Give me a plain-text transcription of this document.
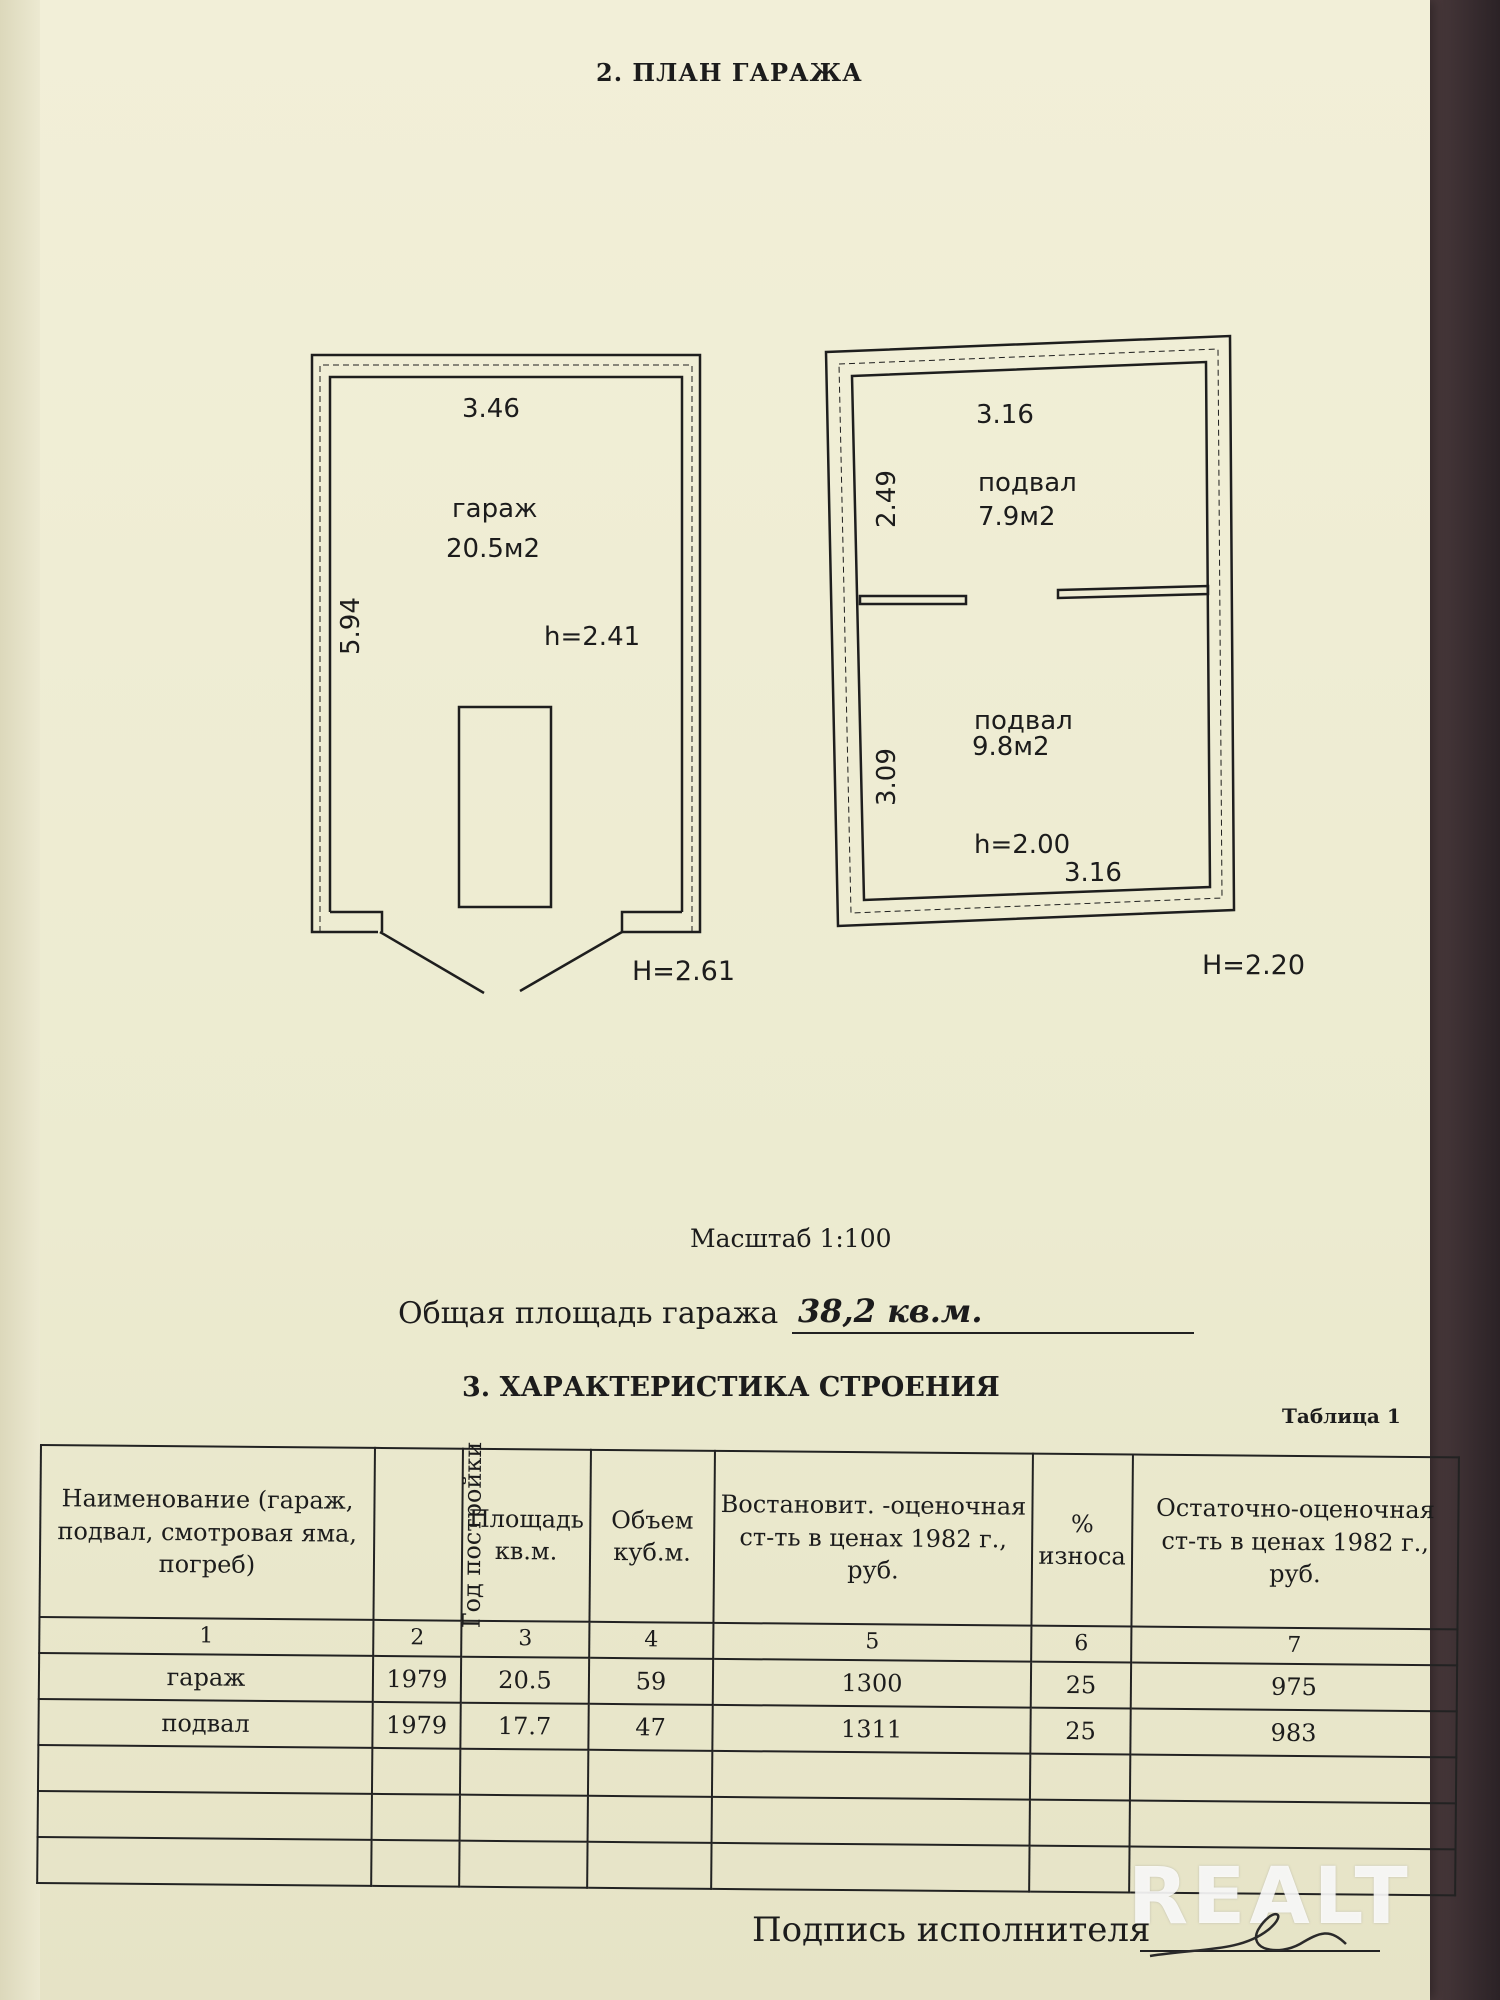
2. ПЛАН ГАРАЖА
3.46
гараж
20.5м2
5.94	h=2.41
H=2.61
3.16
2.49	подвал
7.9м2
подвал
9.8м2
3.09
h=2.00
3.16
H=2.20
Масштаб 1:100
Общая площадь гаража 38,2 кв.м.
3. ХАРАКТЕРИСТИКА СТРОЕНИЯ
Таблица 1
Наименование (гараж, подвал, смотровая яма, погреб)	Год постройки	Площадь кв.м.	Объем куб.м.	Востановит. -оценочная ст-ть в ценах 1982 г., руб.	% износа	Остаточно-оценочная ст-ть в ценах 1982 г., руб.
1	2	3	4	5	6	7
гараж	1979	20.5	59	1300	25	975
подвал	1979	17.7	47	1311	25	983

REALT
Подпись исполнителя
